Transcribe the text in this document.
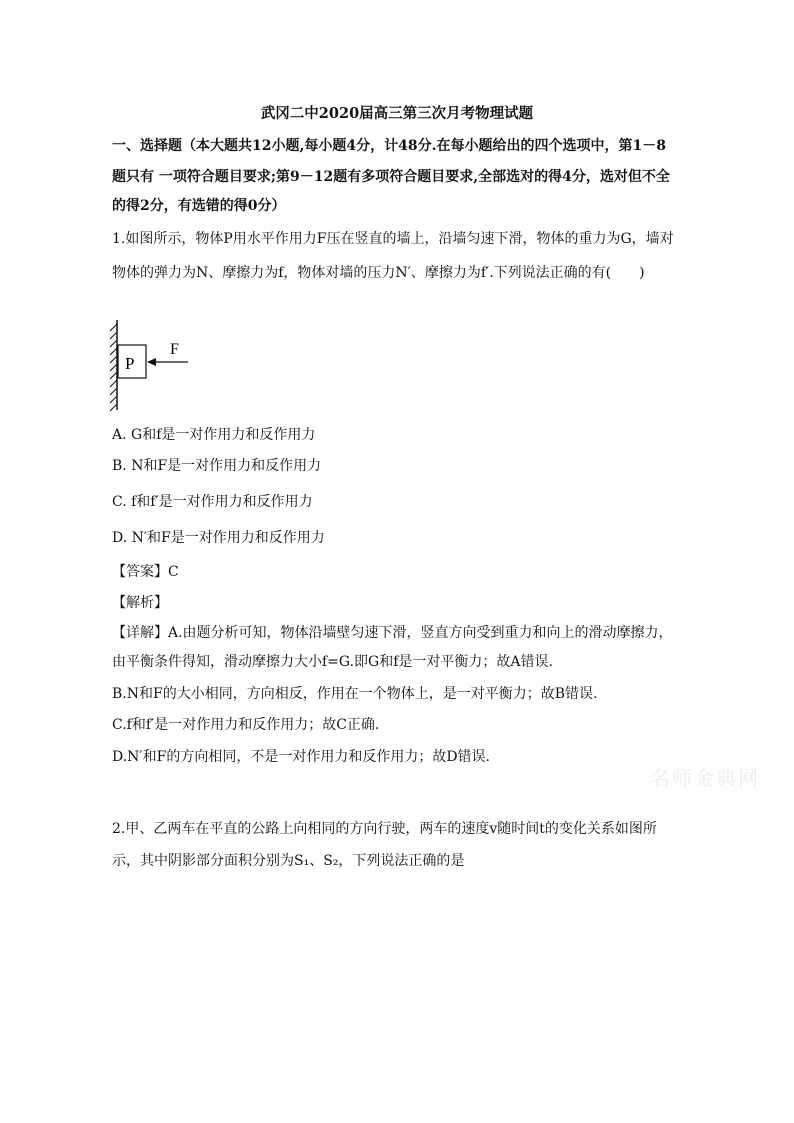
武冈二中2020届高三第三次月考物理试题
一、选择题（本大题共12小题,每小题4分，计48分.在每小题给出的四个选项中，第1－8
题只有 一项符合题目要求;第9－12题有多项符合题目要求,全部选对的得4分，选对但不全
的得2分，有选错的得0分）
1.如图所示，物体P用水平作用力F压在竖直的墙上，沿墙匀速下滑，物体的重力为G，墙对
物体的弹力为N、摩擦力为f，物体对墙的压力N′、摩擦力为f′.下列说法正确的有(　　)
P
F
A. G和f是一对作用力和反作用力
B. N和F是一对作用力和反作用力
C. f和f′是一对作用力和反作用力
D. N′和F是一对作用力和反作用力
【答案】C
【解析】
【详解】A.由题分析可知，物体沿墙壁匀速下滑，竖直方向受到重力和向上的滑动摩擦力，
由平衡条件得知，滑动摩擦力大小f=G.即G和f是一对平衡力；故A错误.
B.N和F的大小相同，方向相反，作用在一个物体上，是一对平衡力；故B错误.
C.f和f′是一对作用力和反作用力；故C正确.
D.N′和F的方向相同，不是一对作用力和反作用力；故D错误.
名师金典网
2.甲、乙两车在平直的公路上向相同的方向行驶，两车的速度v随时间t的变化关系如图所
示，其中阴影部分面积分别为S₁、S₂，下列说法正确的是
